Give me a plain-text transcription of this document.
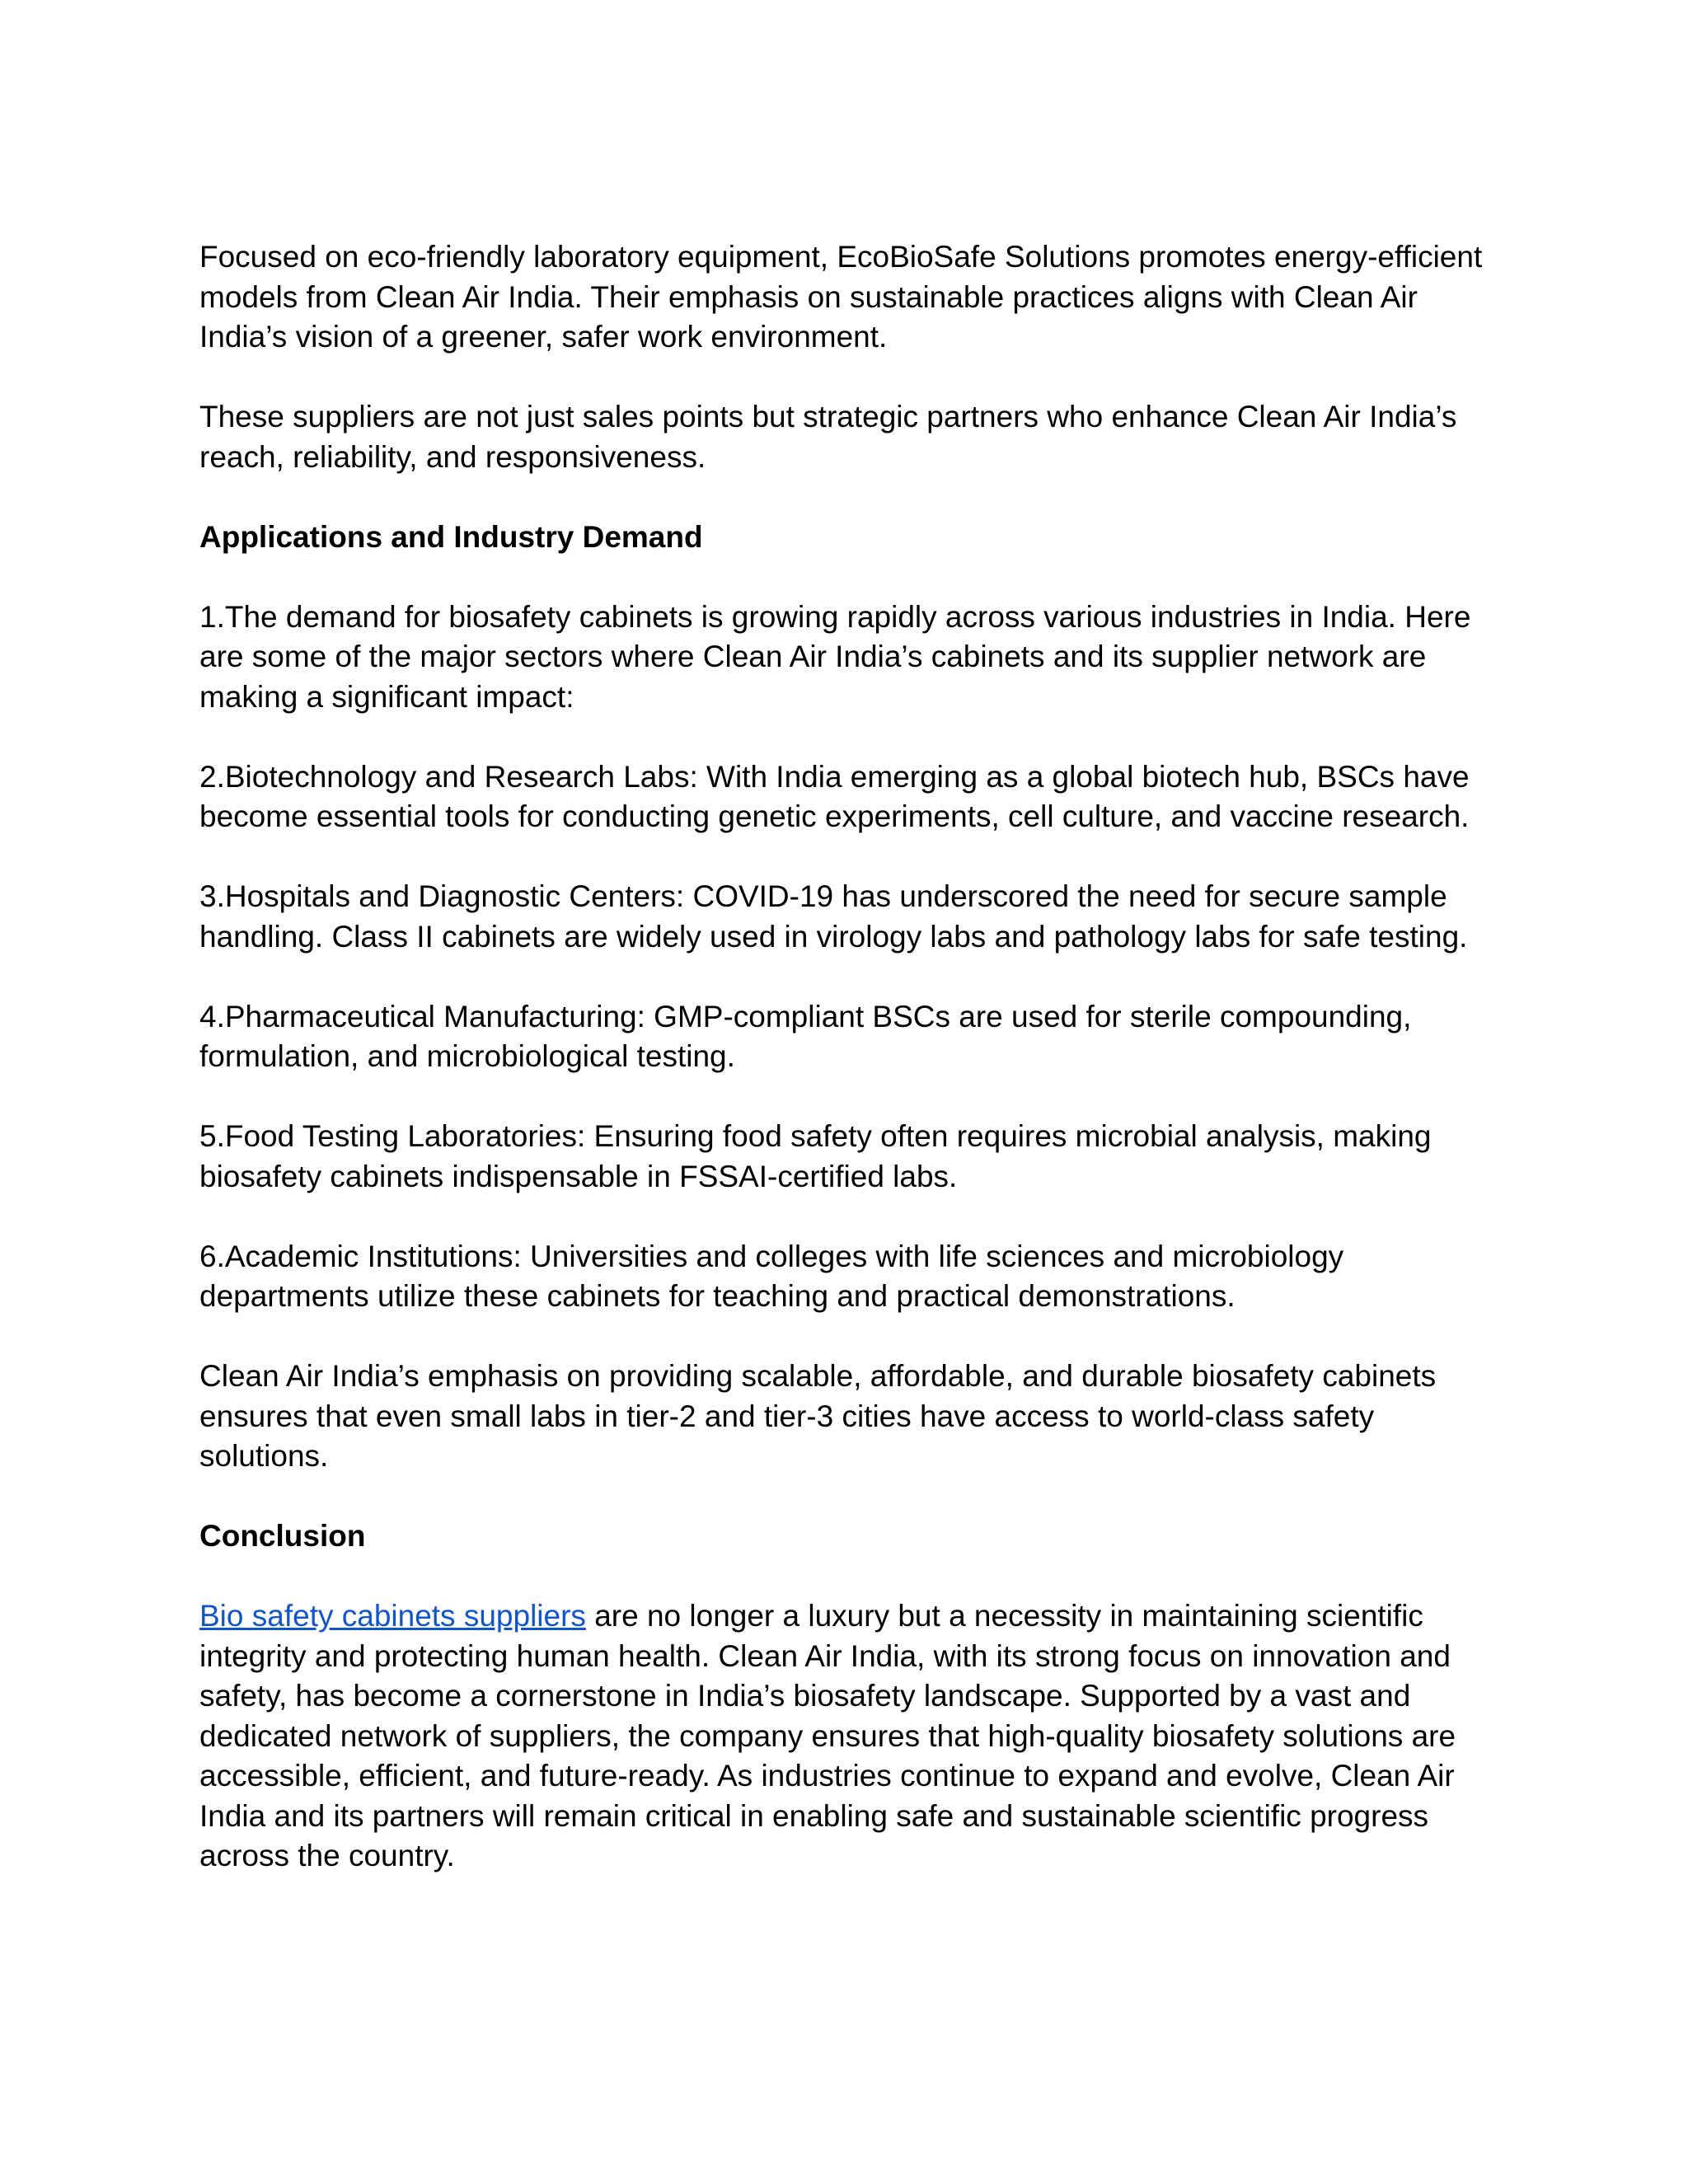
Focused on eco-friendly laboratory equipment, EcoBioSafe Solutions promotes energy-efficient models from Clean Air India. Their emphasis on sustainable practices aligns with Clean Air India’s vision of a greener, safer work environment.

These suppliers are not just sales points but strategic partners who enhance Clean Air India’s reach, reliability, and responsiveness.

Applications and Industry Demand

1.The demand for biosafety cabinets is growing rapidly across various industries in India. Here are some of the major sectors where Clean Air India’s cabinets and its supplier network are making a significant impact:

2.Biotechnology and Research Labs: With India emerging as a global biotech hub, BSCs have become essential tools for conducting genetic experiments, cell culture, and vaccine research.

3.Hospitals and Diagnostic Centers: COVID-19 has underscored the need for secure sample handling. Class II cabinets are widely used in virology labs and pathology labs for safe testing.

4.Pharmaceutical Manufacturing: GMP-compliant BSCs are used for sterile compounding, formulation, and microbiological testing.

5.Food Testing Laboratories: Ensuring food safety often requires microbial analysis, making biosafety cabinets indispensable in FSSAI-certified labs.

6.Academic Institutions: Universities and colleges with life sciences and microbiology departments utilize these cabinets for teaching and practical demonstrations.

Clean Air India’s emphasis on providing scalable, affordable, and durable biosafety cabinets ensures that even small labs in tier-2 and tier-3 cities have access to world-class safety solutions.

Conclusion

Bio safety cabinets suppliers are no longer a luxury but a necessity in maintaining scientific integrity and protecting human health. Clean Air India, with its strong focus on innovation and safety, has become a cornerstone in India’s biosafety landscape. Supported by a vast and dedicated network of suppliers, the company ensures that high-quality biosafety solutions are accessible, efficient, and future-ready. As industries continue to expand and evolve, Clean Air India and its partners will remain critical in enabling safe and sustainable scientific progress across the country.
